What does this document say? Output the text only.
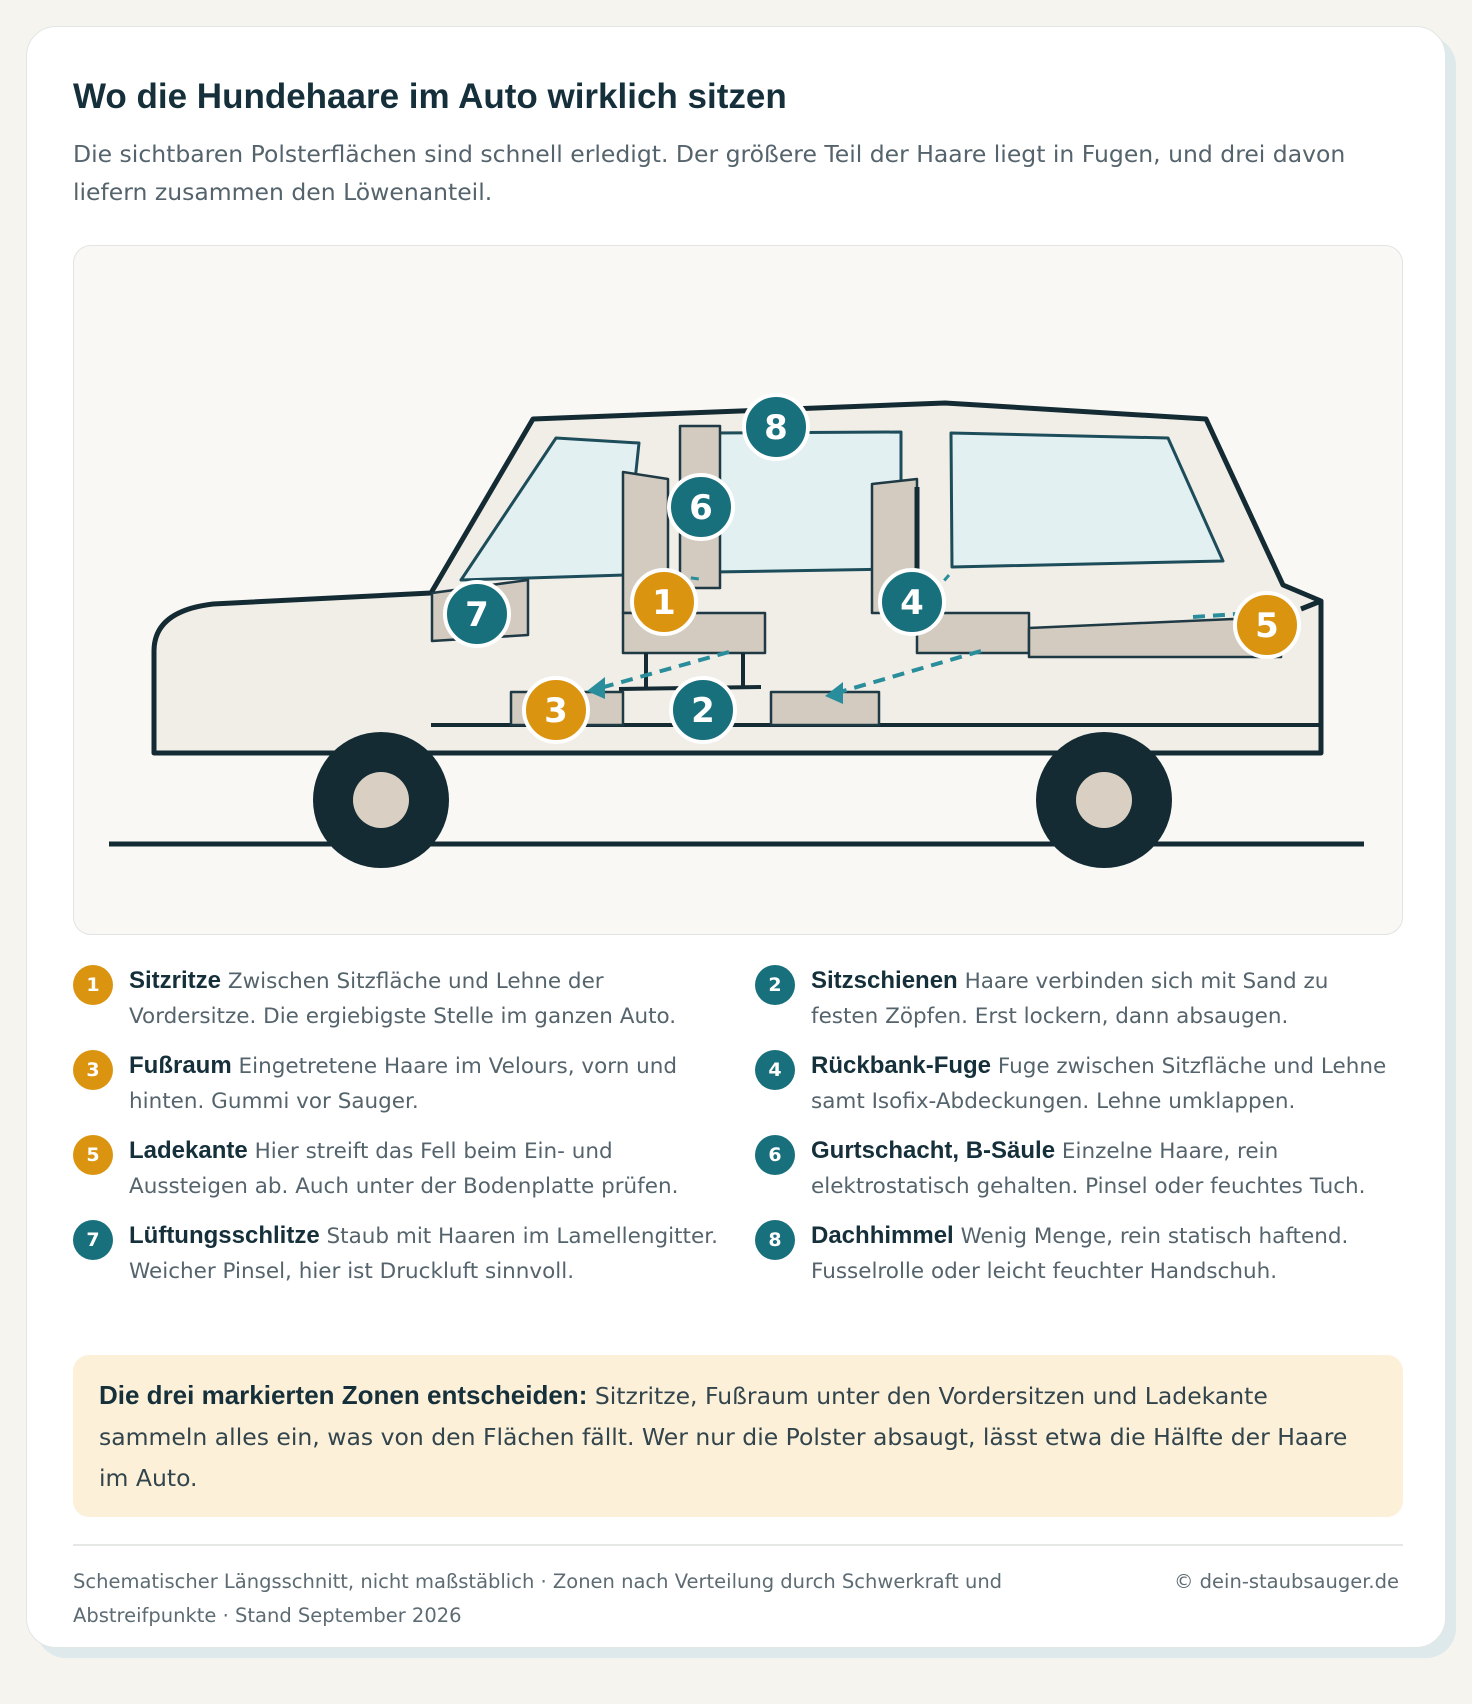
Wo die Hundehaare im Auto wirklich sitzen

Die sichtbaren Polsterflächen sind schnell erledigt. Der größere Teil der Haare liegt in Fugen, und drei davon liefern zusammen den Löwenanteil.

8
6
1	4
7	5
3	2
1	Sitzritze Zwischen Sitzfläche und Lehne der Vordersitze. Die ergiebigste Stelle im ganzen Auto.

2	Sitzschienen Haare verbinden sich mit Sand zu festen Zöpfen. Erst lockern, dann absaugen.

3	Fußraum Eingetretene Haare im Velours, vorn und hinten. Gummi vor Sauger.

4	Rückbank-Fuge Fuge zwischen Sitzfläche und Lehne samt Isofix-Abdeckungen. Lehne umklappen.

5	Ladekante Hier streift das Fell beim Ein- und Aussteigen ab. Auch unter der Bodenplatte prüfen.

6	Gurtschacht, B-Säule Einzelne Haare, rein elektrostatisch gehalten. Pinsel oder feuchtes Tuch.

7	Lüftungsschlitze Staub mit Haaren im Lamellengitter. Weicher Pinsel, hier ist Druckluft sinnvoll.

8	Dachhimmel Wenig Menge, rein statisch haftend. Fusselrolle oder leicht feuchter Handschuh.

Die drei markierten Zonen entscheiden: Sitzritze, Fußraum unter den Vordersitzen und Ladekante sammeln alles ein, was von den Flächen fällt. Wer nur die Polster absaugt, lässt etwa die Hälfte der Haare im Auto.

Schematischer Längsschnitt, nicht maßstäblich · Zonen nach Verteilung durch Schwerkraft und Abstreifpunkte · Stand September 2026

© dein-staubsauger.de
